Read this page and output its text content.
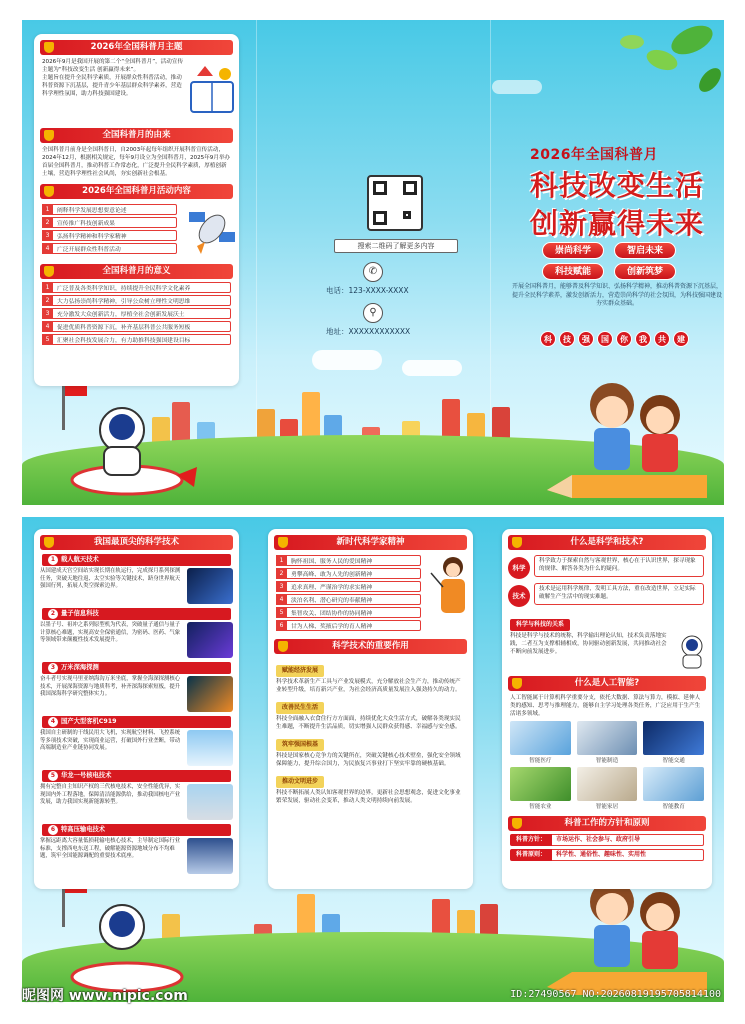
2026年全国科普月主题

2026年9月是我国开展的第二个“全国科普月”，活动宣传主题为“科技改变生活 创新赢得未来”。

主题旨在提升全民科学素质，开展群众性科普活动，推动科普资源下沉基层，提升青少年基层群众科学素养，营造科学理性氛围，助力科技强国建设。

全国科普月的由来

全国科普月前身是全国科普日，自2003年起每年组织开展科普宣传活动，2024年12月，根据相关规定，每年9月设立为全国科普月，2025年9月举办首届全国科普月，推动科普工作常态化，广泛提升全民科学素质，厚植创新土壤，营造科学理性社会风尚，夯实创新社会根基。

2026年全国科普月活动内容
1	阐释科学发展思想要意论述
2	宣传推广科技创新成果
3	弘扬科学精神和科学家精神
4	广泛开展群众性科普活动
全国科普月的意义
1	广泛普及各类科学知识，持续提升全民科学文化素养
2	大力弘扬崇尚科学精神，引导公众树立理性文明思维
3	充分激发大众创新活力，厚植全社会创新发展沃土
4	促进优质科普资源下沉，补齐基层科普公共服务短板
5	汇聚社会科技发展合力，有力助推科技强国建设目标
搜索二维码了解更多内容
✆
电话：123-XXXX-XXXX
⚲
地址：XXXXXXXXXXXX
2026年全国科普月
科技改变生活
创新赢得未来
崇尚科学	智启未来
科技赋能	创新筑梦

开展全国科普月，能够普及科学知识、弘扬科学精神，推动科普资源下沉基层，提升全民科学素养，激发创新活力，营造崇尚科学的社会氛围，为科技强国建设夯实群众基础。

科	技	强	国	你	我	共	建
我国最顶尖的科学技术
1 载人航天技术

从国建成天宫空间站实现长期在轨运行，完成探月系列探测任务，突破天地往返、太空实验等关键技术，跻身世界航天强国行列，拓展人类空探索边界。

2 量子信息科技

以墨子号、祖冲之系列原型机为代表，突破量子通信与量子计算核心难题，实现高安全保密通信，为密码、医药、气象等领域带来颠覆性技术发展提升。

3 万米深海探测

奋斗者号实现马里亚纳海沟万米坐底，掌握全海深探测核心技术，开展深海资源与地质科考，补齐深海探索短板，提升我国深海科学研究整体实力。

4 国产大型客机C919

我国自主研制的干线民用大飞机，实现航空材料、飞控系统等多项技术突破，实现商业运营，打破国外行业垄断，带动高端制造业产业链协同发展。

5 华龙一号核电技术

拥有完整自主知识产权的三代核电技术，安全性能优异，实现国内外工程落地，保障清洁能源供给，推动我国核电产业发展，助力我国实现新能源转型。

6 特高压输电技术

掌握远距离大容量低损耗输电核心技术，主导制定国际行业标准，支撑西电东送工程，破解能源资源地域分布不均难题，筑牢全国能源调配的重要技术底座。

新时代科学家精神
1	胸怀祖国、服务人民的爱国精神
2	勇攀高峰、敢为人先的创新精神
3	追求真理、严谨治学的求实精神
4	淡泊名利、潜心研究的奉献精神
5	集智攻关、团结协作的协同精神
6	甘为人梯、奖掖后学的育人精神
科学技术的重要作用
赋能经济发展

科学技术革新生产工具与产业发展模式，充分解放社会生产力，推动传统产业转型升级，培育新兴产业，为社会经济高质量发展注入强劲持久的动力。

改善民生生活

科技全面融入衣食住行方方面面，持续优化大众生活方式，破解各类现实民生难题，不断提升生活品质，切实增强人民群众获得感、幸福感与安全感。

筑牢强国根基

科技是国家核心竞争力的关键所在，突破关键核心技术壁垒，强化安全领域保障能力，提升综合国力，为民族复兴事业打下坚实牢靠的硬核基础。

推动文明进步

科技不断拓展人类认知客观世界的边界，更新社会思想观念，促进文化事业繁荣发展，驱动社会变革，推动人类文明持续向前发展。

什么是科学和技术?
科学
科学致力于探索自然与客观世界，核心在于认识世界，探寻现象的规律、解答各类为什么的疑问。
技术
技术是运用科学规律，发明工具方法，重在改造世界，立足实际破解生产生活中的现实难题。
科学与科技的关系

科技是科学与技术的统称，科学输出理论认知，技术负责落地实践，二者互为支撑相辅相成，协同驱动创新发展，共同推动社会不断向前发展进步。

什么是人工智能?

人工智能属于计算机科学重要分支，依托大数据、算法与算力，模拟、延伸人类的感知、思考与推理能力，能够自主学习处理各类任务，广泛应用于生产生活诸多领域。

智能医疗	智能制造	智能交通
智能农业	智能家居	智能教育
科普工作的方针和原则
科普方针：	市场运作、社会参与、政府引导
科普原则：	科学性、通俗性、趣味性、实用性
昵图网 www.nipic.com	ID:27490567 NO:20260819195705814100
